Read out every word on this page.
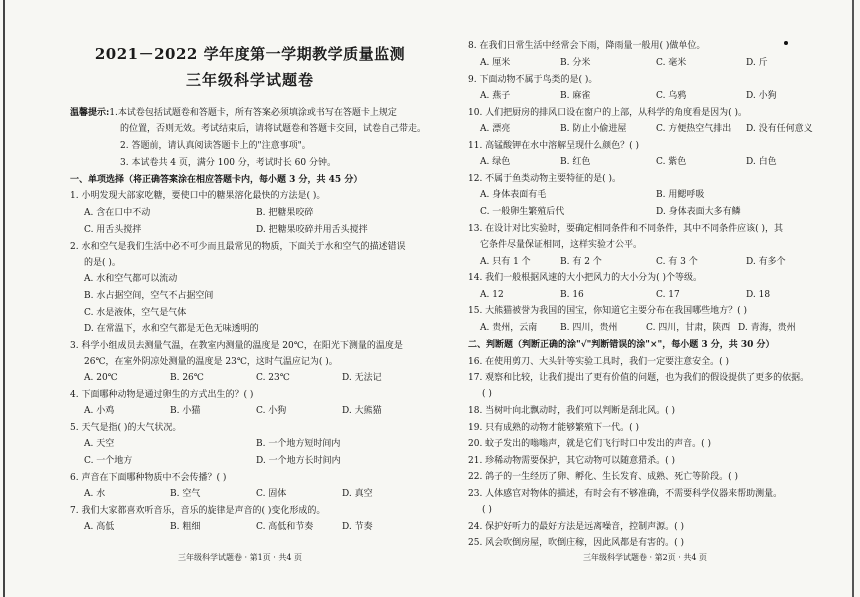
2021－2022 学年度第一学期教学质量监测
三年级科学试题卷
温馨提示:1.本试卷包括试题卷和答题卡，所有答案必须填涂或书写在答题卡上规定
的位置，否则无效。考试结束后，请将试题卷和答题卡交回，试卷自己带走。
2. 答题前，请认真阅读答题卡上的"注意事项"。
3. 本试卷共 4 页，满分 100 分，考试时长 60 分钟。
一、单项选择（将正确答案涂在相应答题卡内，每小题 3 分，共 45 分）
1. 小明发现大部家吃糖，要使口中的糖果溶化最快的方法是( )。
A. 含在口中不动	B. 把糖果咬碎
C. 用舌头搅拌	D. 把糖果咬碎并用舌头搅拌
2. 水和空气是我们生活中必不可少而且最常见的物质，下面关于水和空气的描述错误
的是( )。
A. 水和空气都可以流动
B. 水占据空间，空气不占据空间
C. 水是液体，空气是气体
D. 在常温下，水和空气都是无色无味透明的
3. 科学小组成员去测量气温，在教室内测量的温度是 20℃，在阳光下测量的温度是
26℃，在室外阴凉处测量的温度是 23℃，这时气温应记为( )。
A. 20℃	B. 26℃	C. 23℃	D. 无法记
4. 下面哪种动物是通过卵生的方式出生的？( )
A. 小鸡	B. 小猫	C. 小狗	D. 大熊猫
5. 天气是指( )的大气状况。
A. 天空	B. 一个地方短时间内
C. 一个地方	D. 一个地方长时间内
6. 声音在下面哪种物质中不会传播？( )
A. 水	B. 空气	C. 固体	D. 真空
7. 我们大家都喜欢听音乐，音乐的旋律是声音的( )变化形成的。
A. 高低	B. 粗细	C. 高低和节奏	D. 节奏
三年级科学试题卷 · 第1页 · 共4 页
8. 在我们日常生活中经常会下雨，降雨量一般用( )做单位。
A. 厘米	B. 分米	C. 毫米	D. 斤
9. 下面动物不属于鸟类的是( )。
A. 燕子	B. 麻雀	C. 乌鸦	D. 小狗
10. 人们把厨房的排风口设在窗户的上部，从科学的角度看是因为( )。
A. 漂亮	B. 防止小偷进屋	C. 方便热空气排出 D. 没有任何意义
11. 高锰酸钾在水中溶解呈现什么颜色？( )
A. 绿色	B. 红色	C. 紫色	D. 白色
12. 不属于鱼类动物主要特征的是( )。
A. 身体表面有毛	B. 用鳃呼吸
C. 一般卵生繁殖后代	D. 身体表面大多有鳞
13. 在设计对比实验时，要确定相同条件和不同条件，其中不同条件应该( )，其
它条件尽量保证相同，这样实验才公平。
A. 只有 1 个	B. 有 2 个	C. 有 3 个	D. 有多个
14. 我们一般根据风速的大小把风力的大小分为( )个等级。
A. 12	B. 16	C. 17	D. 18
15. 大熊猫被誉为我国的国宝，你知道它主要分布在我国哪些地方？( )
A. 贵州，云南	B. 四川，贵州	C. 四川，甘肃，陕西 D. 青海，贵州
二、判断题（判断正确的涂"√"判断错误的涂"×"，每小题 3 分，共 30 分）
16. 在使用剪刀、大头针等实验工具时，我们一定要注意安全。( )
17. 观察和比较，让我们提出了更有价值的问题，也为我们的假设提供了更多的依据。
( )
18. 当树叶向北飘动时，我们可以判断是刮北风。( )
19. 只有成熟的动物才能够繁殖下一代。( )
20. 蚊子发出的嗡嗡声，就是它们飞行时口中发出的声音。( )
21. 珍稀动物需要保护，其它动物可以随意猎杀。( )
22. 鸽子的一生经历了卵、孵化、生长发育、成熟、死亡等阶段。( )
23. 人体感官对物体的描述，有时会有不够准确，不需要科学仪器来帮助测量。
( )
24. 保护好听力的最好方法是远离噪音，控制声源。( )
25. 风会吹倒房屋，吹倒庄稼，因此风都是有害的。( )
三年级科学试题卷 · 第2页 · 共4 页
